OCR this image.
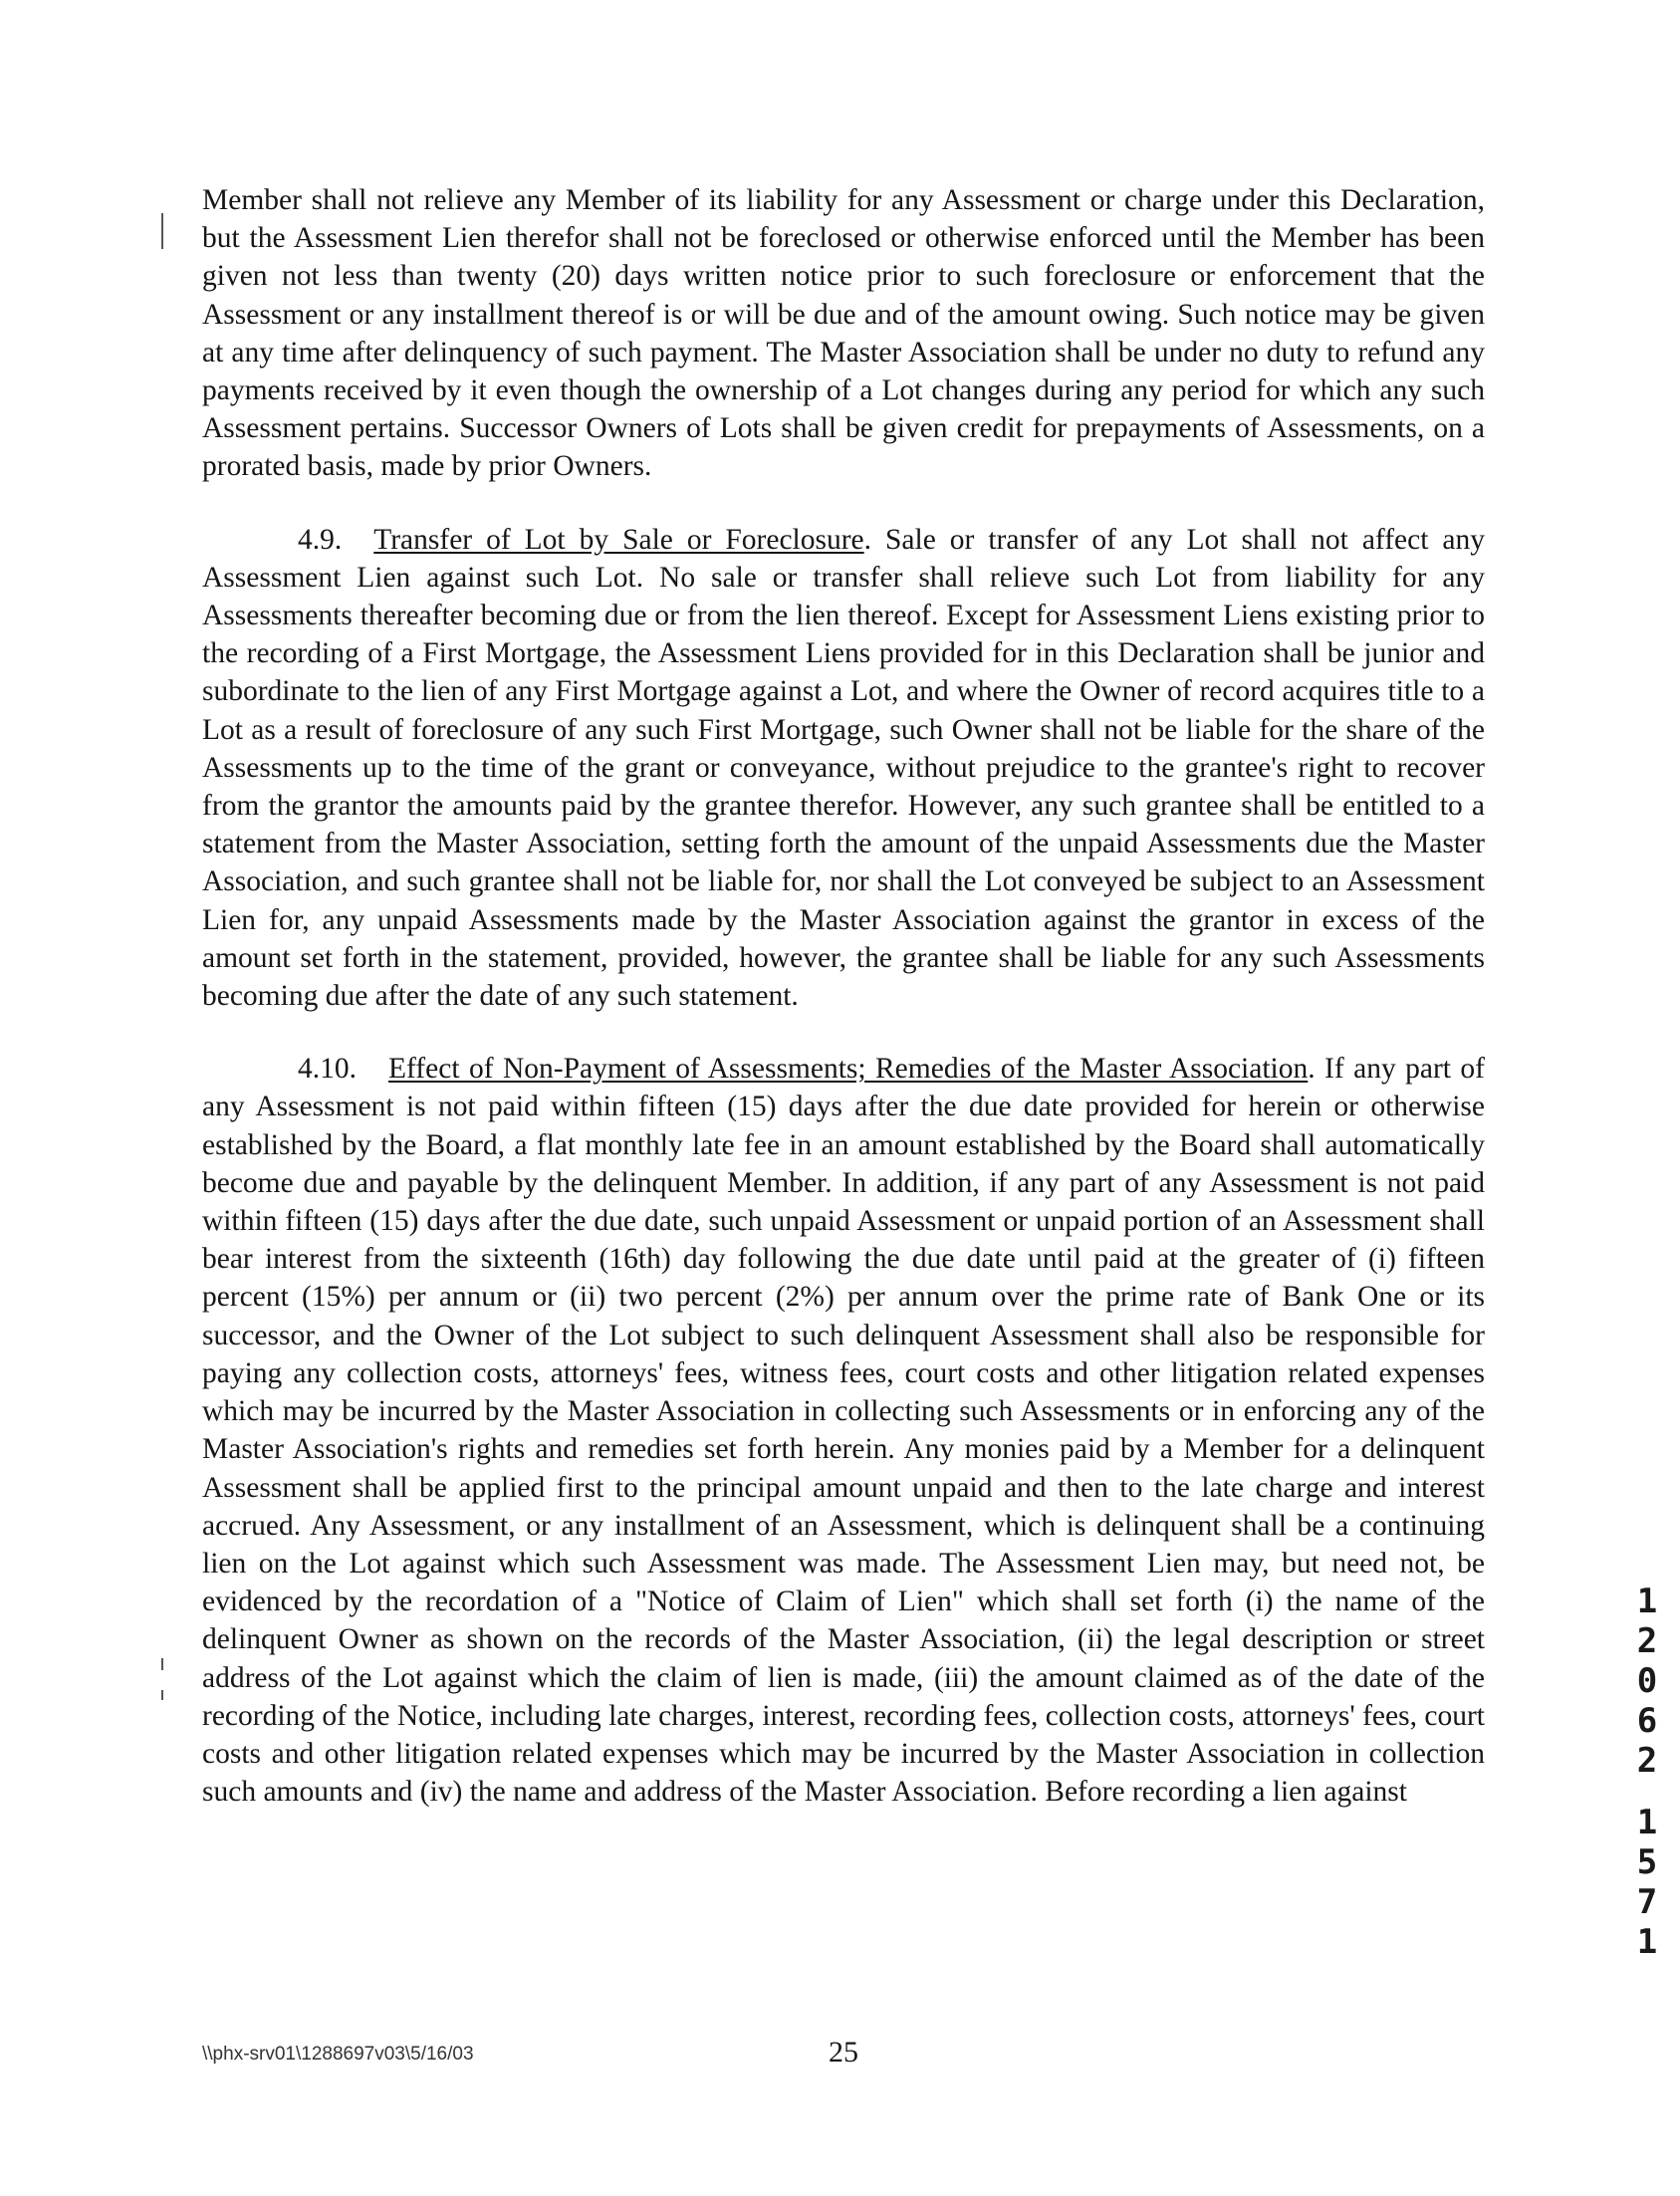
Member shall not relieve any Member of its liability for any Assessment or charge under this Declaration, but the Assessment Lien therefor shall not be foreclosed or otherwise enforced until the Member has been given not less than twenty (20) days written notice prior to such foreclosure or enforcement that the Assessment or any installment thereof is or will be due and of the amount owing. Such notice may be given at any time after delinquency of such payment. The Master Association shall be under no duty to refund any payments received by it even though the ownership of a Lot changes during any period for which any such Assessment pertains. Successor Owners of Lots shall be given credit for prepayments of Assessments, on a prorated basis, made by prior Owners.

4.9. Transfer of Lot by Sale or Foreclosure. Sale or transfer of any Lot shall not affect any Assessment Lien against such Lot. No sale or transfer shall relieve such Lot from liability for any Assessments thereafter becoming due or from the lien thereof. Except for Assessment Liens existing prior to the recording of a First Mortgage, the Assessment Liens provided for in this Declaration shall be junior and subordinate to the lien of any First Mortgage against a Lot, and where the Owner of record acquires title to a Lot as a result of foreclosure of any such First Mortgage, such Owner shall not be liable for the share of the Assessments up to the time of the grant or conveyance, without prejudice to the grantee's right to recover from the grantor the amounts paid by the grantee therefor. However, any such grantee shall be entitled to a statement from the Master Association, setting forth the amount of the unpaid Assessments due the Master Association, and such grantee shall not be liable for, nor shall the Lot conveyed be subject to an Assessment Lien for, any unpaid Assessments made by the Master Association against the grantor in excess of the amount set forth in the statement, provided, however, the grantee shall be liable for any such Assessments becoming due after the date of any such statement.

4.10. Effect of Non-Payment of Assessments; Remedies of the Master Association. If any part of any Assessment is not paid within fifteen (15) days after the due date provided for herein or otherwise established by the Board, a flat monthly late fee in an amount established by the Board shall automatically become due and payable by the delinquent Member. In addition, if any part of any Assessment is not paid within fifteen (15) days after the due date, such unpaid Assessment or unpaid portion of an Assessment shall bear interest from the sixteenth (16th) day following the due date until paid at the greater of (i) fifteen percent (15%) per annum or (ii) two percent (2%) per annum over the prime rate of Bank One or its successor, and the Owner of the Lot subject to such delinquent Assessment shall also be responsible for paying any collection costs, attorneys' fees, witness fees, court costs and other litigation related expenses which may be incurred by the Master Association in collecting such Assessments or in enforcing any of the Master Association's rights and remedies set forth herein. Any monies paid by a Member for a delinquent Assessment shall be applied first to the principal amount unpaid and then to the late charge and interest accrued. Any Assessment, or any installment of an Assessment, which is delinquent shall be a continuing lien on the Lot against which such Assessment was made. The Assessment Lien may, but need not, be evidenced by the recordation of a "Notice of Claim of Lien" which shall set forth (i) the name of the delinquent Owner as shown on the records of the Master Association, (ii) the legal description or street address of the Lot against which the claim of lien is made, (iii) the amount claimed as of the date of the recording of the Notice, including late charges, interest, recording fees, collection costs, attorneys' fees, court costs and other litigation related expenses which may be incurred by the Master Association in collection such amounts and (iv) the name and address of the Master Association. Before recording a lien against

1
2
0
6
2
1
5
7
1
\\phx-srv01\1288697v03\5/16/03	25
